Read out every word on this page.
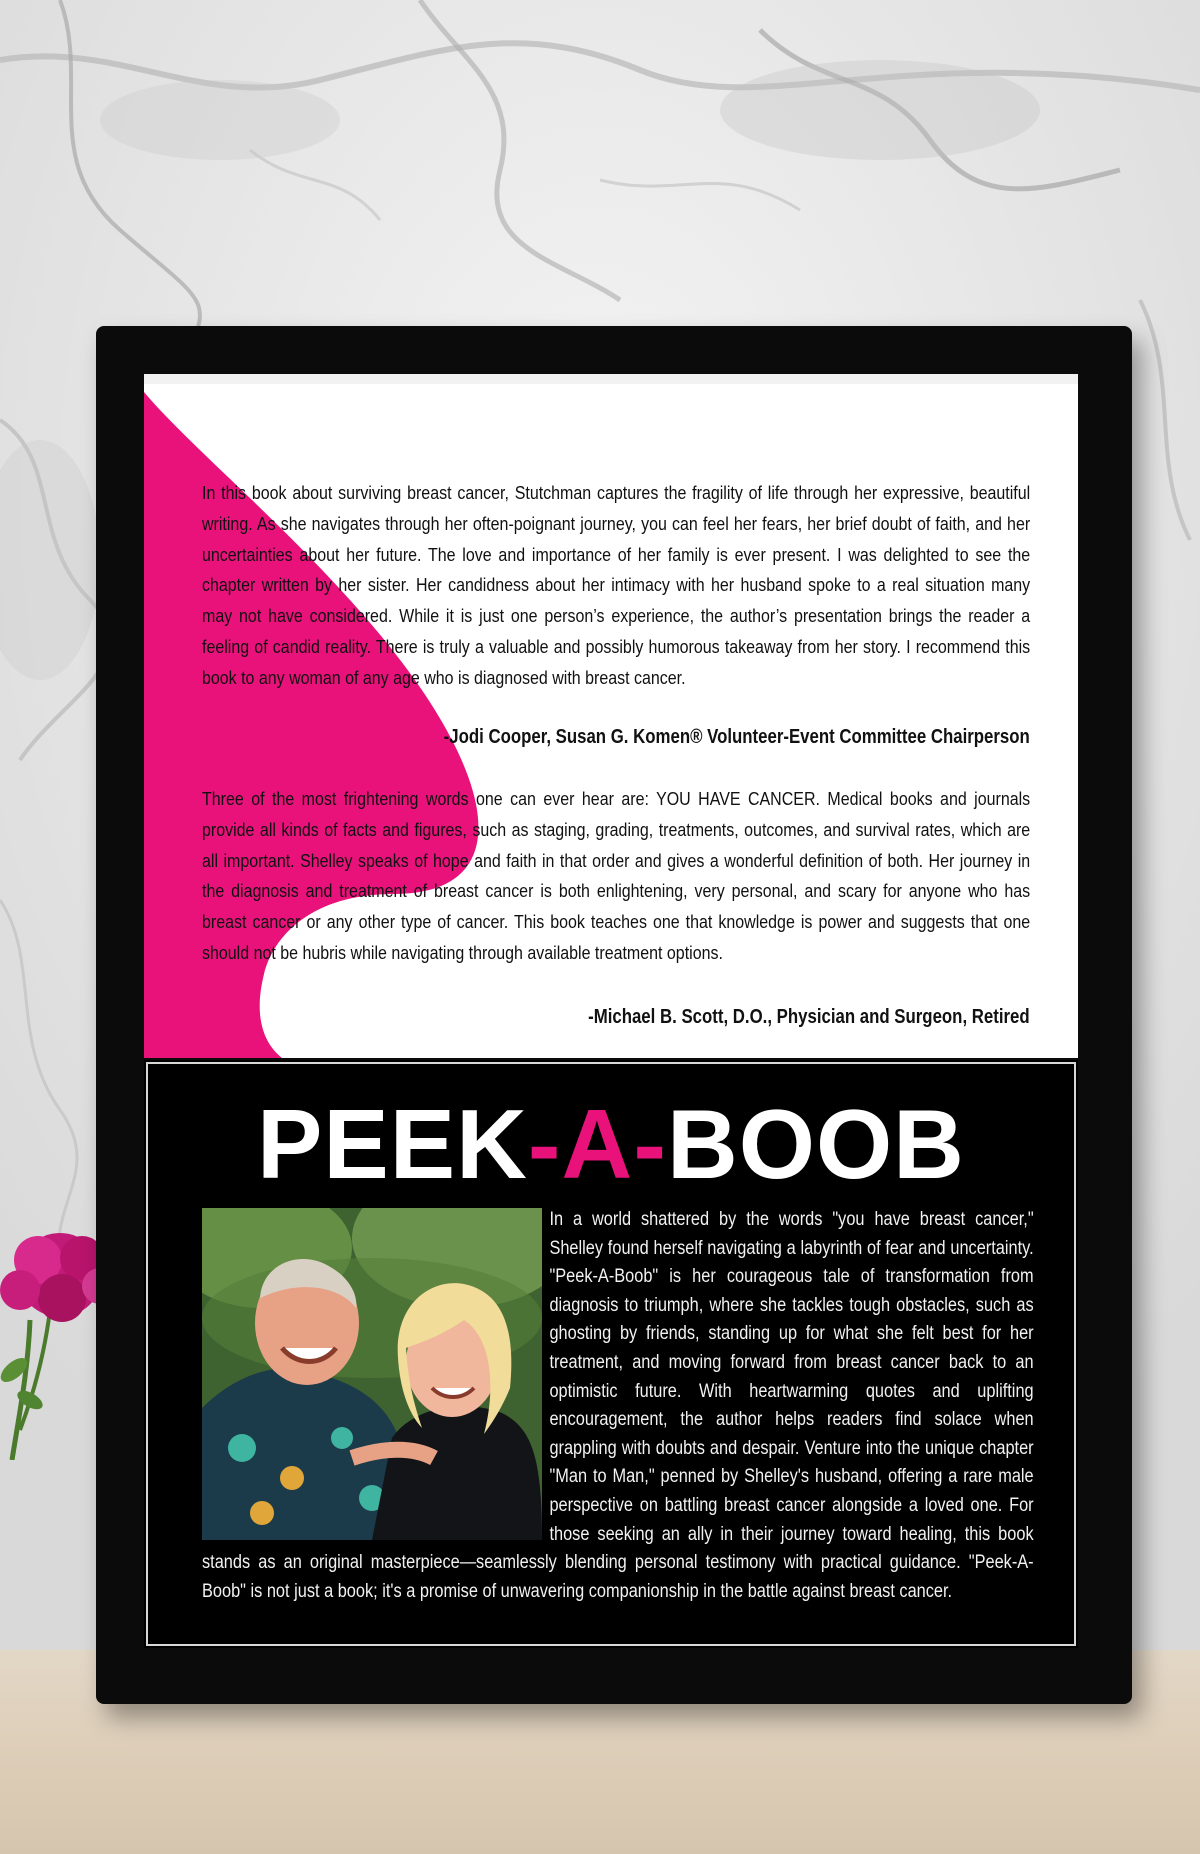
In this book about surviving breast cancer, Stutchman captures the fragility of life through her expressive, beautiful writing. As she navigates through her often-poignant journey, you can feel her fears, her brief doubt of faith, and her uncertainties about her future. The love and importance of her family is ever present. I was delighted to see the chapter written by her sister. Her candidness about her intimacy with her husband spoke to a real situation many may not have considered. While it is just one person’s experience, the author’s presentation brings the reader a feeling of candid reality. There is truly a valuable and possibly humorous takeaway from her story. I recommend this book to any woman of any age who is diagnosed with breast cancer.
-Jodi Cooper, Susan G. Komen® Volunteer-Event Committee Chairperson
Three of the most frightening words one can ever hear are: YOU HAVE CANCER. Medical books and journals provide all kinds of facts and figures, such as staging, grading, treatments, outcomes, and survival rates, which are all important. Shelley speaks of hope and faith in that order and gives a wonderful definition of both. Her journey in the diagnosis and treatment of breast cancer is both enlightening, very personal, and scary for anyone who has breast cancer or any other type of cancer. This book teaches one that knowledge is power and suggests that one should not be hubris while navigating through available treatment options.
-Michael B. Scott, D.O., Physician and Surgeon, Retired
PEEK-A-BOOB

In a world shattered by the words "you have breast cancer," Shelley found herself navigating a labyrinth of fear and uncertainty. "Peek-A-Boob" is her courageous tale of transformation from diagnosis to triumph, where she tackles tough obstacles, such as ghosting by friends, standing up for what she felt best for her treatment, and moving forward from breast cancer back to an optimistic future. With heartwarming quotes and uplifting encouragement, the author helps readers find solace when grappling with doubts and despair. Venture into the unique chapter "Man to Man," penned by Shelley's husband, offering a rare male perspective on battling breast cancer alongside a loved one. For those seeking an ally in their journey toward healing, this book stands as an original masterpiece—seamlessly blending personal testimony with practical guidance. "Peek-A-Boob" is not just a book; it's a promise of unwavering companionship in the battle against breast cancer.
